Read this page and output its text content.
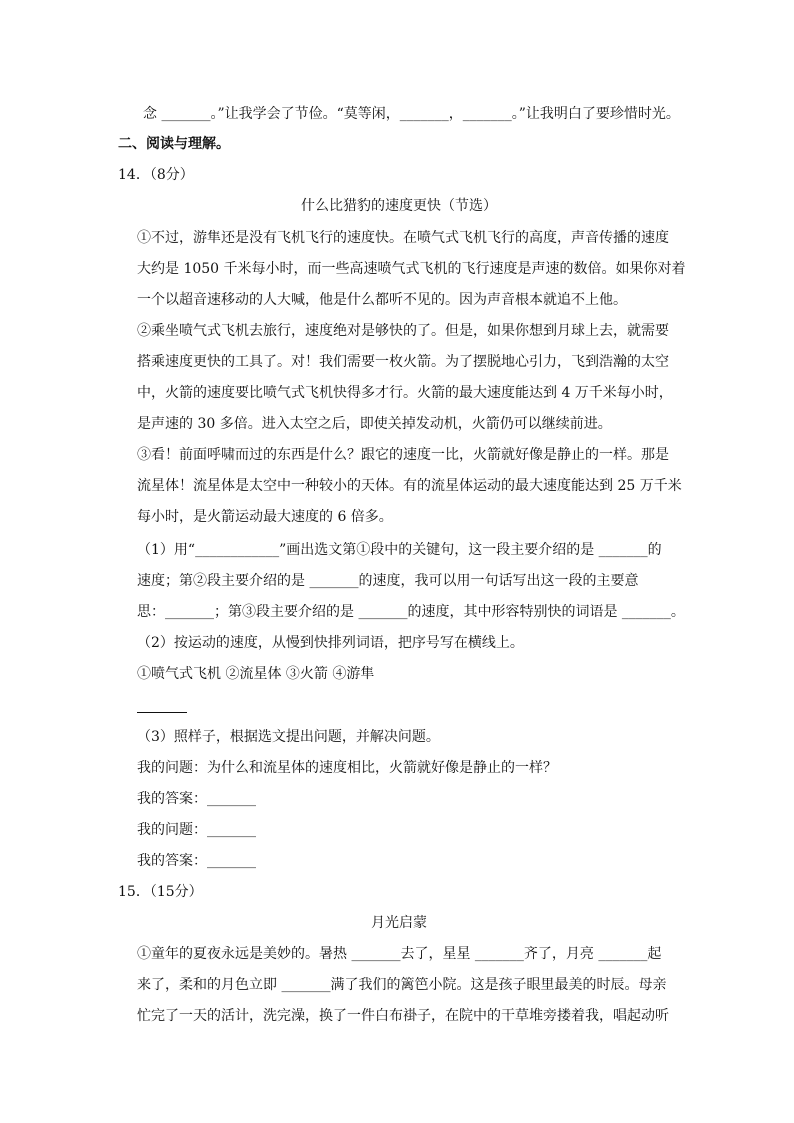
念 _______。”让我学会了节俭。“莫等闲，_______，_______。”让我明白了要珍惜时光。
二、阅读与理解。
14．（8分）
什么比猎豹的速度更快（节选）
①不过，游隼还是没有飞机飞行的速度快。在喷气式飞机飞行的高度，声音传播的速度
大约是 1050 千米每小时，而一些高速喷气式飞机的飞行速度是声速的数倍。如果你对着
一个以超音速移动的人大喊，他是什么都听不见的。因为声音根本就追不上他。
②乘坐喷气式飞机去旅行，速度绝对是够快的了。但是，如果你想到月球上去，就需要
搭乘速度更快的工具了。对！我们需要一枚火箭。为了摆脱地心引力，飞到浩瀚的太空
中，火箭的速度要比喷气式飞机快得多才行。火箭的最大速度能达到 4 万千米每小时，
是声速的 30 多倍。进入太空之后，即使关掉发动机，火箭仍可以继续前进。
③看！前面呼啸而过的东西是什么？跟它的速度一比，火箭就好像是静止的一样。那是
流星体！流星体是太空中一种较小的天体。有的流星体运动的最大速度能达到 25 万千米
每小时，是火箭运动最大速度的 6 倍多。
（1）用“____________”画出选文第①段中的关键句，这一段主要介绍的是 _______的
速度；第②段主要介绍的是 _______的速度，我可以用一句话写出这一段的主要意
思：_______；第③段主要介绍的是 _______的速度，其中形容特别快的词语是 _______。
（2）按运动的速度，从慢到快排列词语，把序号写在横线上。
①喷气式飞机 ②流星体 ③火箭 ④游隼
（3）照样子，根据选文提出问题，并解决问题。
我的问题：为什么和流星体的速度相比，火箭就好像是静止的一样？
我的答案：_______
我的问题：_______
我的答案：_______
15．（15分）
月光启蒙
①童年的夏夜永远是美妙的。暑热 _______去了，星星 _______齐了，月亮 _______起
来了，柔和的月色立即 _______满了我们的篱笆小院。这是孩子眼里最美的时辰。母亲
忙完了一天的活计，洗完澡，换了一件白布褂子，在院中的干草堆旁搂着我，唱起动听
